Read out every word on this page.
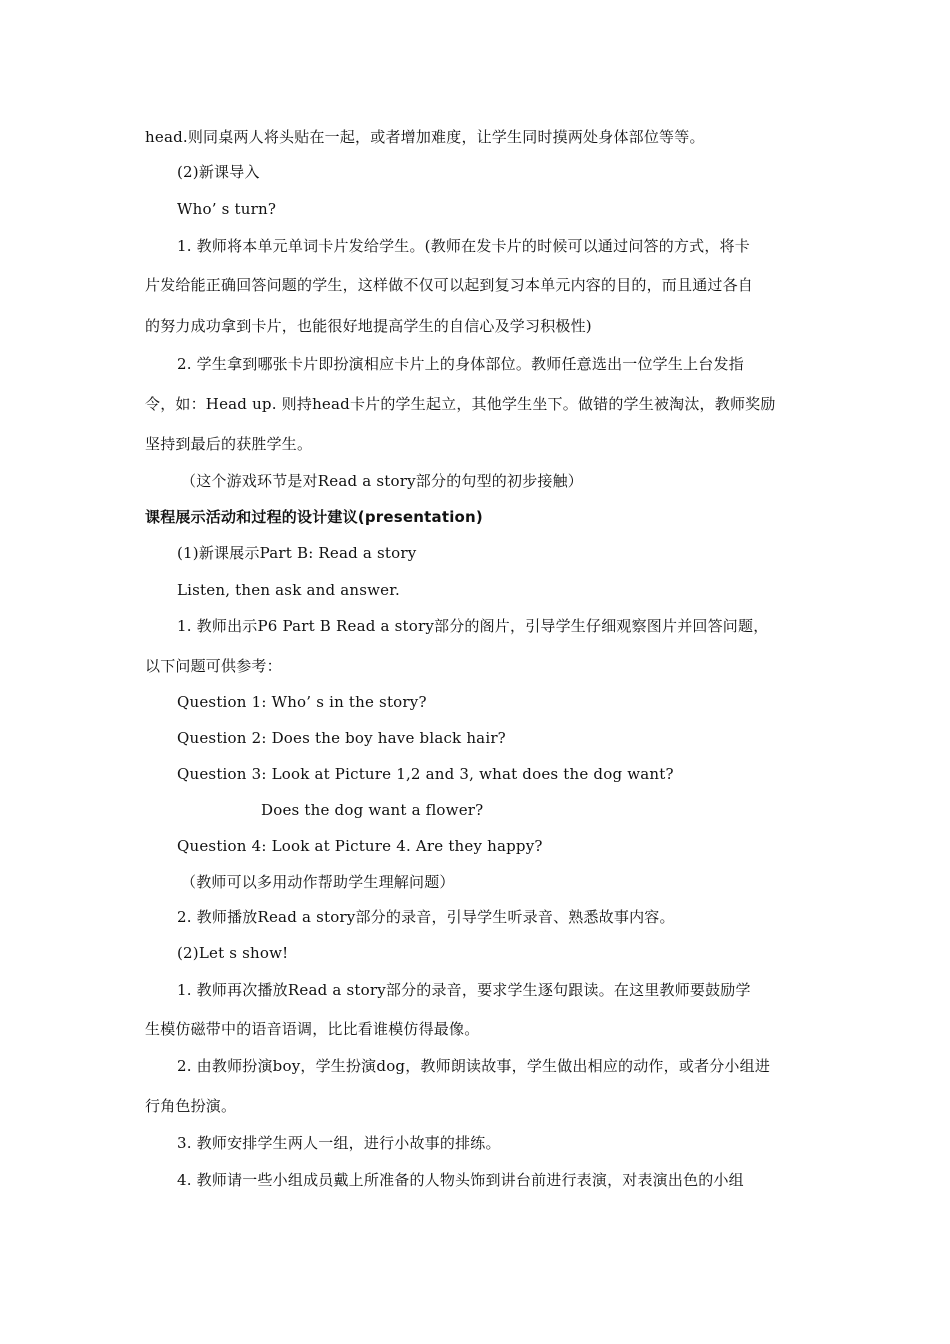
head.则同桌两人将头贴在一起，或者增加难度，让学生同时摸两处身体部位等等。
(2)新课导入
Who’ s turn?
1. 教师将本单元单词卡片发给学生。(教师在发卡片的时候可以通过问答的方式，将卡
片发给能正确回答问题的学生，这样做不仅可以起到复习本单元内容的目的，而且通过各自
的努力成功拿到卡片，也能很好地提高学生的自信心及学习积极性)
2. 学生拿到哪张卡片即扮演相应卡片上的身体部位。教师任意选出一位学生上台发指
令，如：Head up. 则持head卡片的学生起立，其他学生坐下。做错的学生被淘汰，教师奖励
坚持到最后的获胜学生。
（这个游戏环节是对Read a story部分的句型的初步接触）
课程展示活动和过程的设计建议(presentation)
(1)新课展示Part B: Read a story
Listen, then ask and answer.
1. 教师出示P6 Part B Read a story部分的阁片，引导学生仔细观察图片并回答问题，
以下问题可供参考：
Question 1: Who’ s in the story?
Question 2: Does the boy have black hair?
Question 3: Look at Picture 1,2 and 3, what does the dog want?
Does the dog want a flower?
Question 4: Look at Picture 4. Are they happy?
（教师可以多用动作帮助学生理解问题）
2. 教师播放Read a story部分的录音，引导学生听录音、熟悉故事内容。
(2)Let s show!
1. 教师再次播放Read a story部分的录音，要求学生逐句跟读。在这里教师要鼓励学
生模仿磁带中的语音语调，比比看谁模仿得最像。
2. 由教师扮演boy，学生扮演dog，教师朗读故事，学生做出相应的动作，或者分小组进
行角色扮演。
3. 教师安排学生两人一组，进行小故事的排练。
4. 教师请一些小组成员戴上所准备的人物头饰到讲台前进行表演，对表演出色的小组
